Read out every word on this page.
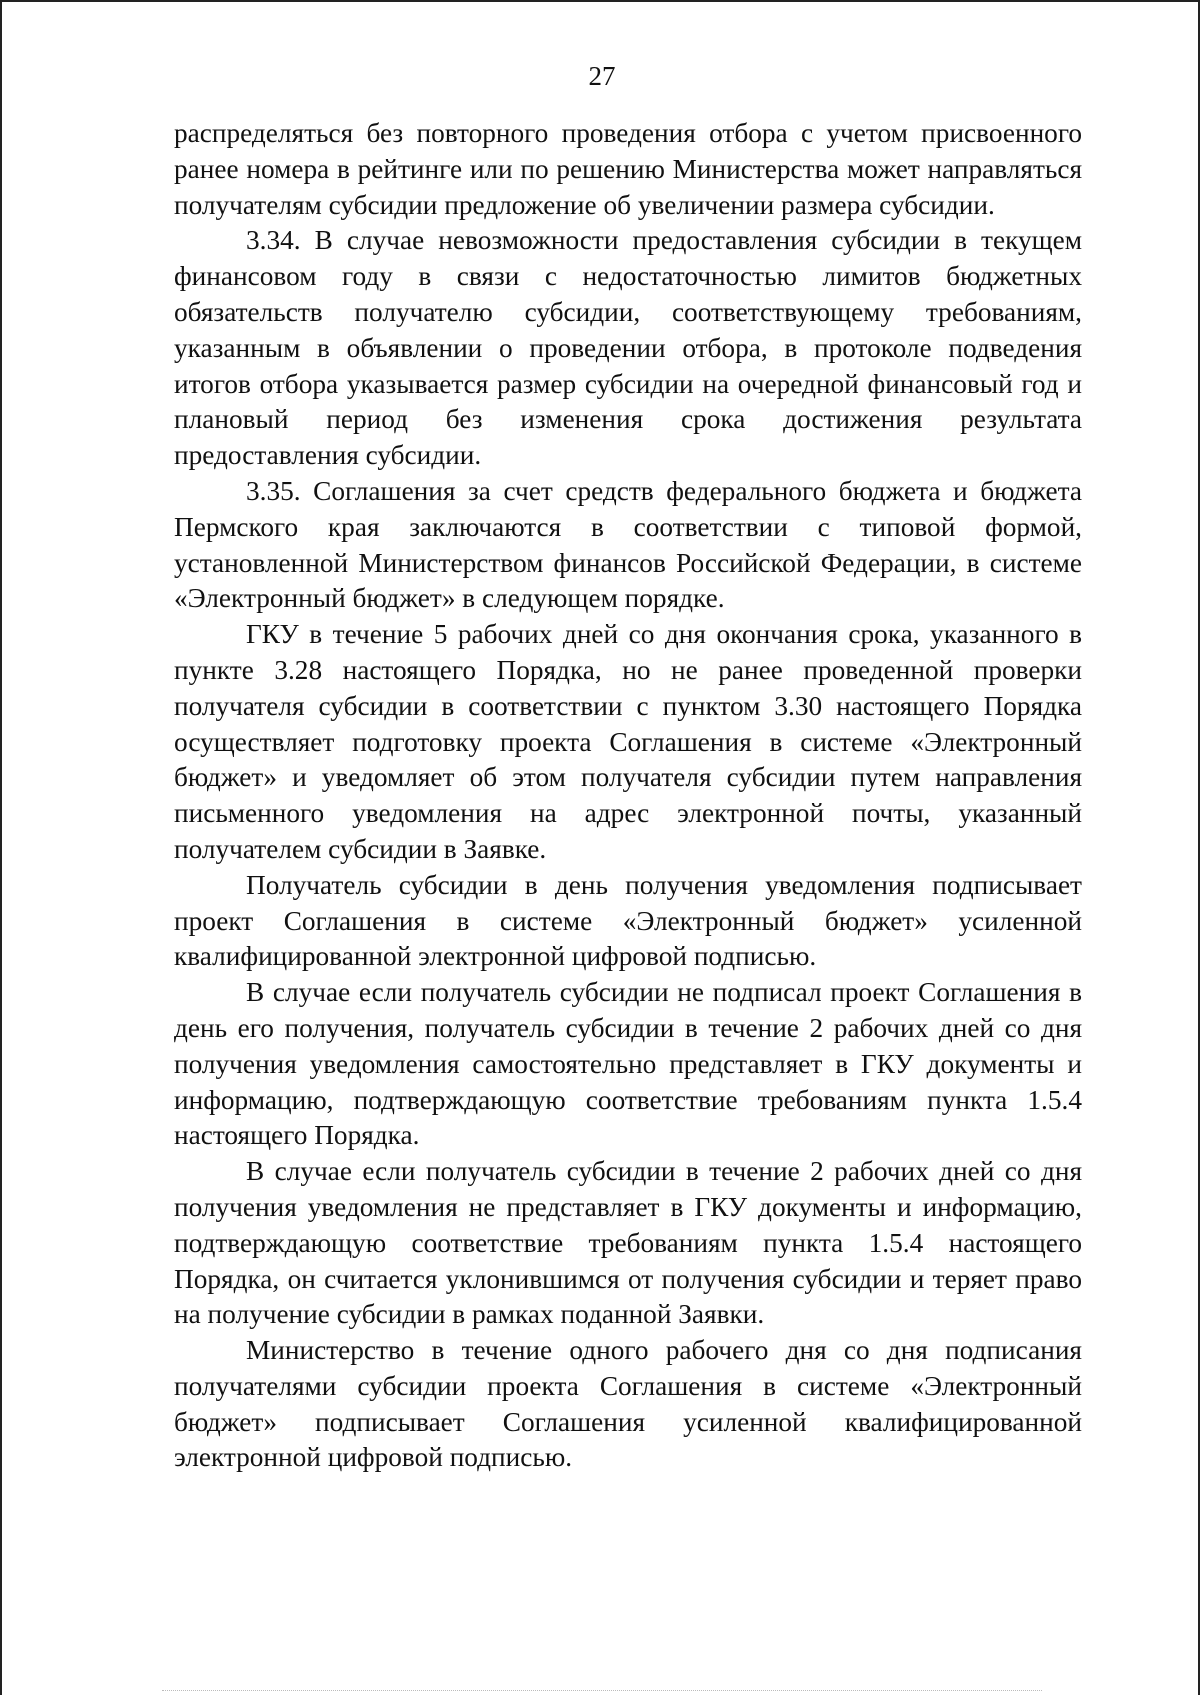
27

распределяться без повторного проведения отбора с учетом присвоенного ранее номера в рейтинге или по решению Министерства может направляться получателям субсидии предложение об увеличении размера субсидии.

3.34. В случае невозможности предоставления субсидии в текущем финансовом году в связи с недостаточностью лимитов бюджетных обязательств получателю субсидии, соответствующему требованиям, указанным в объявлении о проведении отбора, в протоколе подведения итогов отбора указывается размер субсидии на очередной финансовый год и плановый период без изменения срока достижения результата предоставления субсидии.

3.35. Соглашения за счет средств федерального бюджета и бюджета Пермского края заключаются в соответствии с типовой формой, установленной Министерством финансов Российской Федерации, в системе «Электронный бюджет» в следующем порядке.

ГКУ в течение 5 рабочих дней со дня окончания срока, указанного в пункте 3.28 настоящего Порядка, но не ранее проведенной проверки получателя субсидии в соответствии с пунктом 3.30 настоящего Порядка осуществляет подготовку проекта Соглашения в системе «Электронный бюджет» и уведомляет об этом получателя субсидии путем направления письменного уведомления на адрес электронной почты, указанный получателем субсидии в Заявке.

Получатель субсидии в день получения уведомления подписывает проект Соглашения в системе «Электронный бюджет» усиленной квалифицированной электронной цифровой подписью.

В случае если получатель субсидии не подписал проект Соглашения в день его получения, получатель субсидии в течение 2 рабочих дней со дня получения уведомления самостоятельно представляет в ГКУ документы и информацию, подтверждающую соответствие требованиям пункта 1.5.4 настоящего Порядка.

В случае если получатель субсидии в течение 2 рабочих дней со дня получения уведомления не представляет в ГКУ документы и информацию, подтверждающую соответствие требованиям пункта 1.5.4 настоящего Порядка, он считается уклонившимся от получения субсидии и теряет право на получение субсидии в рамках поданной Заявки.

Министерство в течение одного рабочего дня со дня подписания получателями субсидии проекта Соглашения в системе «Электронный бюджет» подписывает Соглашения усиленной квалифицированной электронной цифровой подписью.
